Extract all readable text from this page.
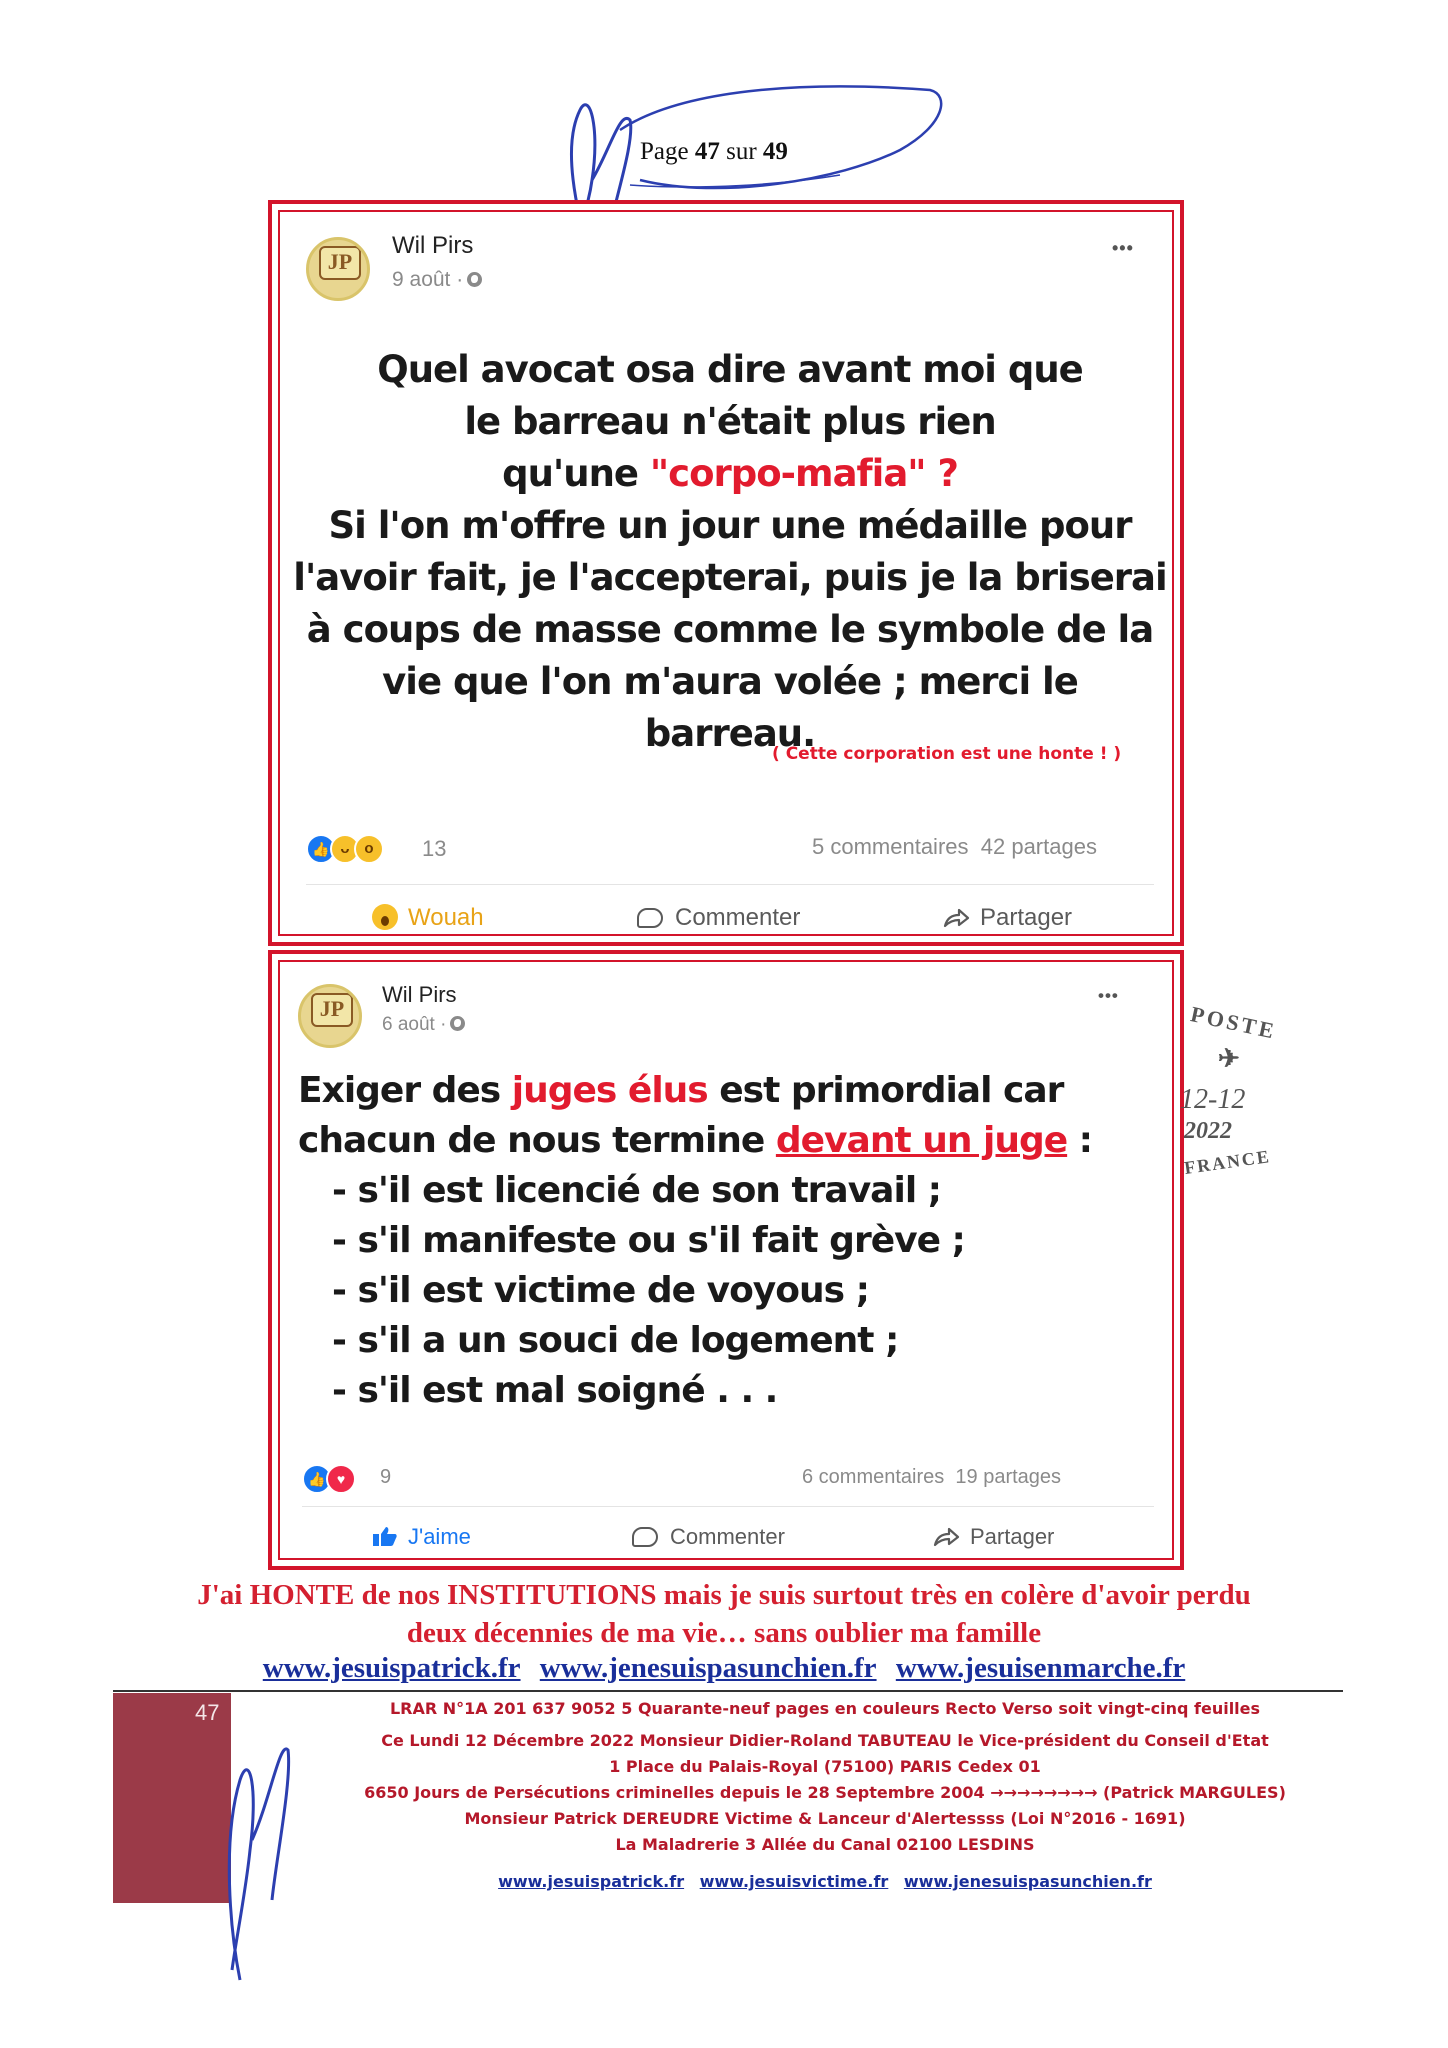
Page 47 sur 49
JP
Wil Pirs
9 août ·
•••
Quel avocat osa dire avant moi que
le barreau n'était plus rien
qu'une "corpo-mafia" ?
Si l'on m'offre un jour une médaille pour
l'avoir fait, je l'accepterai, puis je la briserai
à coups de masse comme le symbole de la
vie que l'on m'aura volée ; merci le barreau.
( Cette corporation est une honte ! )
👍 ᴗ o	13	5 commentaires 42 partages
Wouah	Commenter	Partager
JP
Wil Pirs
6 août ·
•••
Exiger des juges élus est primordial car
chacun de nous termine devant un juge :
- s'il est licencié de son travail ;
- s'il manifeste ou s'il fait grève ;
- s'il est victime de voyous ;
- s'il a un souci de logement ;
- s'il est mal soigné . . .
👍 ♥	9	6 commentaires 19 partages
J'aime	Commenter	Partager
POSTE
✈
12-12
2022
FRANCE
J'ai HONTE de nos INSTITUTIONS mais je suis surtout très en colère d'avoir perdu
deux décennies de ma vie… sans oublier ma famille
www.jesuispatrick.fr www.jenesuispasunchien.fr www.jesuisenmarche.fr
47	LRAR N°1A 201 637 9052 5 Quarante-neuf pages en couleurs Recto Verso soit vingt-cinq feuilles
Ce Lundi 12 Décembre 2022 Monsieur Didier-Roland TABUTEAU le Vice-président du Conseil d'Etat
1 Place du Palais-Royal (75100) PARIS Cedex 01
6650 Jours de Persécutions criminelles depuis le 28 Septembre 2004 →→→→→→→→ (Patrick MARGULES)
Monsieur Patrick DEREUDRE Victime & Lanceur d'Alertessss (Loi N°2016 - 1691)
La Maladrerie 3 Allée du Canal 02100 LESDINS
www.jesuispatrick.fr www.jesuisvictime.fr www.jenesuispasunchien.fr
